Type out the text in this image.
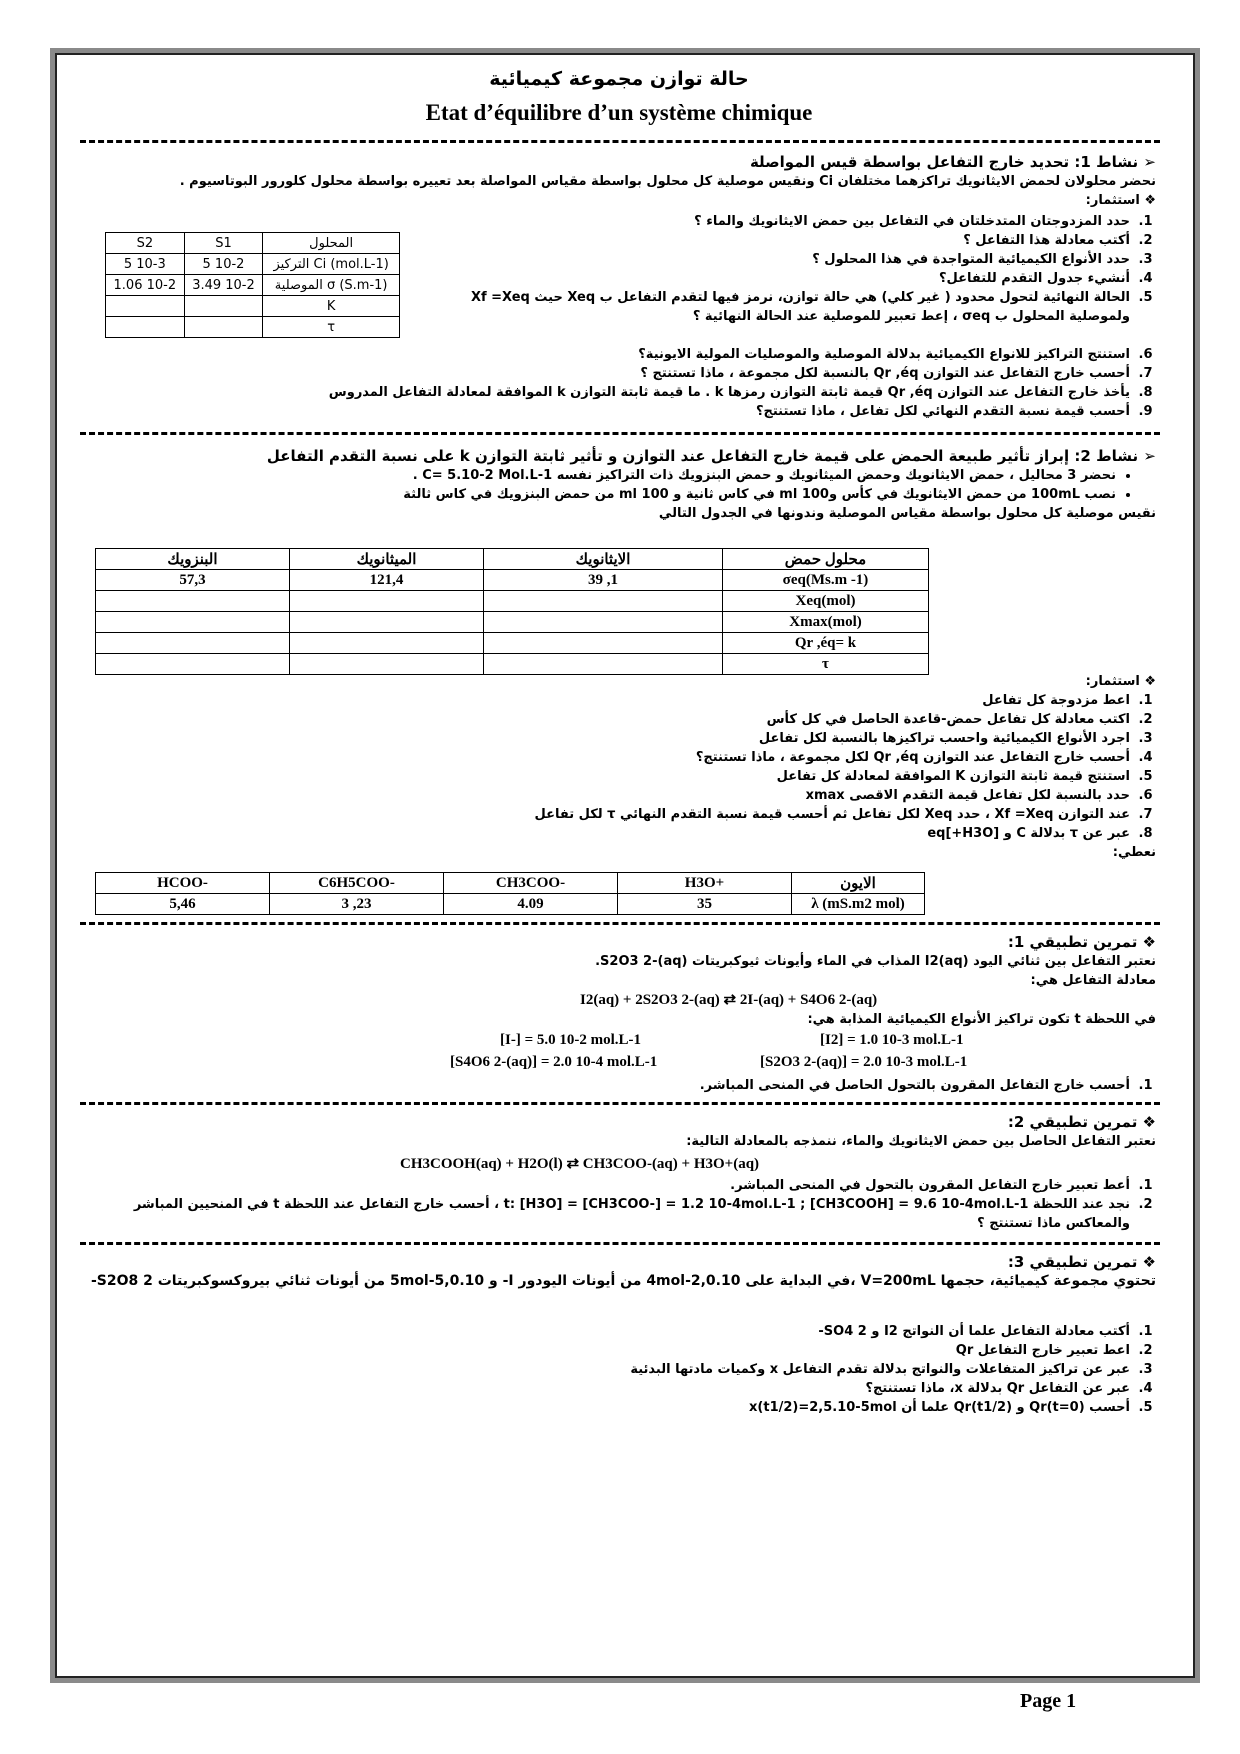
حالة توازن مجموعة كيميائية
Etat d’équilibre d’un système chimique
➢ نشاط 1: تحديد خارج التفاعل بواسطة قيس المواصلة
نحضر محلولان لحمض الايثانويك تراكزهما مختلفان Ci ونقيس موصلية كل محلول بواسطة مقياس المواصلة بعد تعييره بواسطة محلول كلورور البوتاسيوم .
❖ استثمار:
1. حدد المزدوجتان المتدخلتان في التفاعل بين حمض الايثانويك والماء ؟
2. أكتب معادلة هذا التفاعل ؟
3. حدد الأنواع الكيميائية المتواجدة في هذا المحلول ؟
4. أنشيء جدول التقدم للتفاعل؟
5. الحالة النهائية لتحول محدود ( غير كلي) هي حالة توازن، نرمز فيها لتقدم التفاعل ب Xeq حيث Xf =Xeq ولموصلية المحلول ب σeq ، إعط تعبير للموصلية عند الحالة النهائية ؟
6. استنتج التراكيز للانواع الكيميائية بدلالة الموصلية والموصليات المولية الايونية؟
7. أحسب خارج التفاعل عند التوازن Qr ,éq بالنسبة لكل مجموعة ، ماذا تستنتج ؟
8. يأخذ خارج التفاعل عند التوازن Qr ,éq قيمة ثابتة التوازن رمزها k . ما قيمة ثابتة التوازن k الموافقة لمعادلة التفاعل المدروس
9. أحسب قيمة نسبة التقدم النهائي لكل تفاعل ، ماذا تستنتج؟
S2	S1	المحلول
5 10-3	5 10-2	التركيز Ci (mol.L-1)
1.06 10-2	3.49 10-2	الموصلية σ (S.m-1)
		K
		τ
➢ نشاط 2: إبراز تأثير طبيعة الحمض على قيمة خارج التفاعل عند التوازن و تأثير ثابتة التوازن k على نسبة التقدم التفاعل
• نحضر 3 محاليل ، حمض الايثانويك وحمض الميثانويك و حمض البنزويك ذات التراكيز نفسه C= 5.10-2 Mol.L-1 .
• نصب 100mL من حمض الايثانويك في كأس و100 ml في كاس ثانية و 100 ml من حمض البنزويك في كاس ثالثة
نقيس موصلية كل محلول بواسطة مقياس الموصلية وندونها في الجدول التالي
البنزويك	الميثانويك	الايثانويك	محلول حمض
57,3	121,4	39 ,1	σeq(Ms.m -1)
			Xeq(mol)
			Xmax(mol)
			Qr ,éq= k
			τ
❖ استثمار:
1. اعط مزدوجة كل تفاعل
2. اكتب معادلة كل تفاعل حمض-قاعدة الحاصل في كل كأس
3. اجرد الأنواع الكيميائية واحسب تراكيزها بالنسبة لكل تفاعل
4. أحسب خارج التفاعل عند التوازن Qr ,éq لكل مجموعة ، ماذا تستنتج؟
5. استنتج قيمة ثابتة التوازن K الموافقة لمعادلة كل تفاعل
6. حدد بالنسبة لكل تفاعل قيمة التقدم الاقصى xmax
7. عند التوازن Xf =Xeq ، حدد Xeq لكل تفاعل ثم أحسب قيمة نسبة التقدم النهائي τ لكل تفاعل
8. عبر عن τ بدلالة C و [H3O+]eq
نعطي:
HCOO-	C6H5COO-	CH3COO-	H3O+	الايون
5,46	3 ,23	4.09	35	λ (mS.m2 mol)
❖ تمرين تطبيقي 1:
نعتبر التفاعل بين ثنائي اليود I2(aq) المذاب في الماء وأيونات ثيوكبريتات S2O3 2-(aq).
معادلة التفاعل هي:
I2(aq) + 2S2O3 2-(aq) ⇄ 2I-(aq) + S4O6 2-(aq)
في اللحظة t تكون تراكيز الأنواع الكيميائية المذابة هي:
[I2] = 1.0 10-3 mol.L-1
[I-] = 5.0 10-2 mol.L-1
[S2O3 2-(aq)] = 2.0 10-3 mol.L-1
[S4O6 2-(aq)] = 2.0 10-4 mol.L-1
1. أحسب خارج التفاعل المقرون بالتحول الحاصل في المنحى المباشر.
❖ تمرين تطبيقي 2:
نعتبر التفاعل الحاصل بين حمض الايثانويك والماء، ننمذجه بالمعادلة التالية:
CH3COOH(aq) + H2O(l) ⇄ CH3COO-(aq) + H3O+(aq)
1. أعط تعبير خارج التفاعل المقرون بالتحول في المنحى المباشر.
2. نجد عند اللحظة t: [H3O] = [CH3COO-] = 1.2 10-4mol.L-1 ; [CH3COOH] = 9.6 10-4mol.L-1 ، أحسب خارج التفاعل عند اللحظة t في المنحيين المباشر والمعاكس ماذا تستنتج ؟
❖ تمرين تطبيقي 3:
تحتوي مجموعة كيميائية، حجمها V=200mL ،في البداية على 2,0.10-4mol من أيونات اليودور I- و 5,0.10-5mol من أيونات ثنائي بيروكسوكبريتات S2O8 2-
1. أكتب معادلة التفاعل علما أن النواتج I2 و SO4 2-
2. اعط تعبير خارج التفاعل Qr
3. عبر عن تراكيز المتفاعلات والنواتج بدلالة تقدم التفاعل x وكميات مادتها البدئية
4. عبر عن التفاعل Qr بدلالة x، ماذا تستنتج؟
5. أحسب Qr(t=0) و Qr(t1/2) علما أن x(t1/2)=2,5.10-5mol
Page 1
